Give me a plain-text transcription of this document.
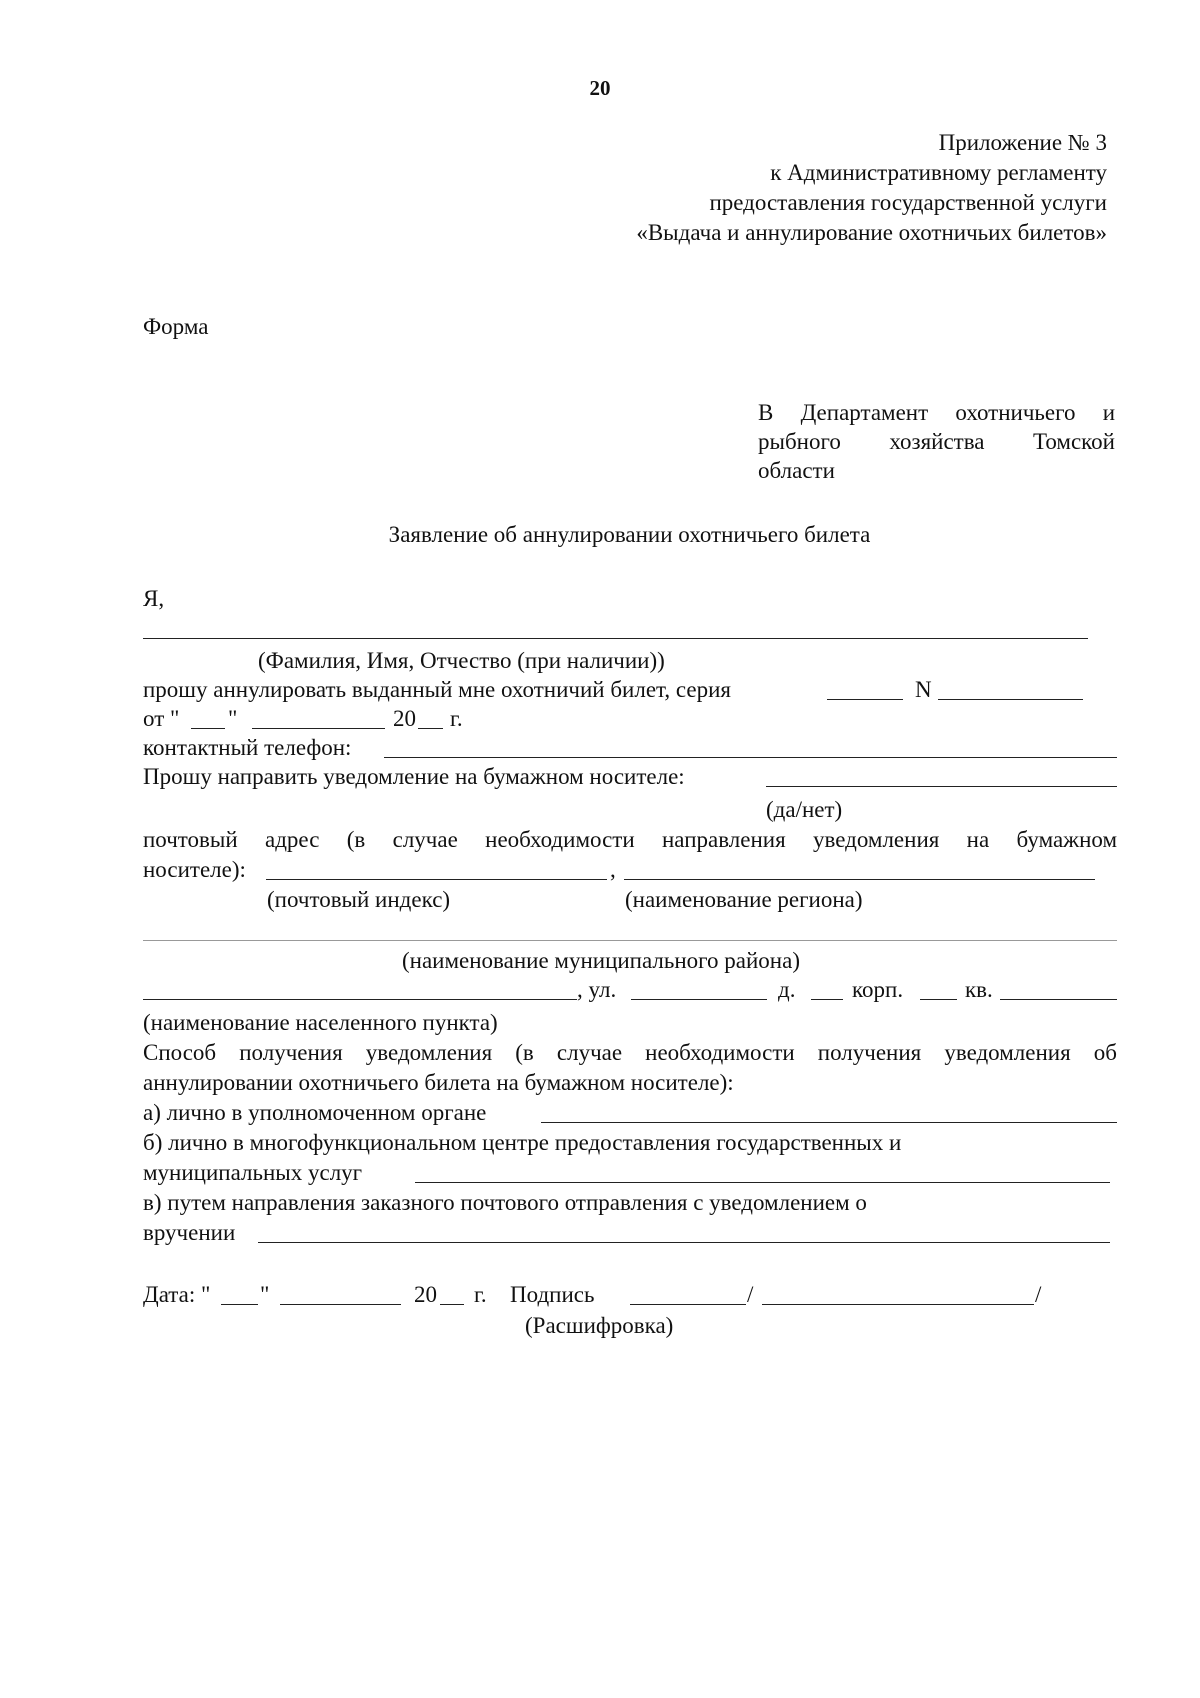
20
Приложение № 3
к Административному регламенту
предоставления государственной услуги
«Выдача и аннулирование охотничьих билетов»
Форма
В Департамент охотничьего и
рыбного хозяйства Томской
области
Заявление об аннулировании охотничьего билета
Я,
(Фамилия, Имя, Отчество (при наличии))
прошу аннулировать выданный мне охотничий билет, серия	N
от " "	20 г.
контактный телефон:
Прошу направить уведомление на бумажном носителе:
(да/нет)
почтовый адрес (в случае необходимости направления уведомления на бумажном
носителе):	,
(почтовый индекс)	(наименование региона)
(наименование муниципального района)
, ул.	д. корп.	кв.
(наименование населенного пункта)
Способ получения уведомления (в случае необходимости получения уведомления об
аннулировании охотничьего билета на бумажном носителе):
а) лично в уполномоченном органе
б) лично в многофункциональном центре предоставления государственных и
муниципальных услуг
в) путем направления заказного почтового отправления с уведомлением о
вручении
Дата: " "	20 г. Подпись	/	/
(Расшифровка)
